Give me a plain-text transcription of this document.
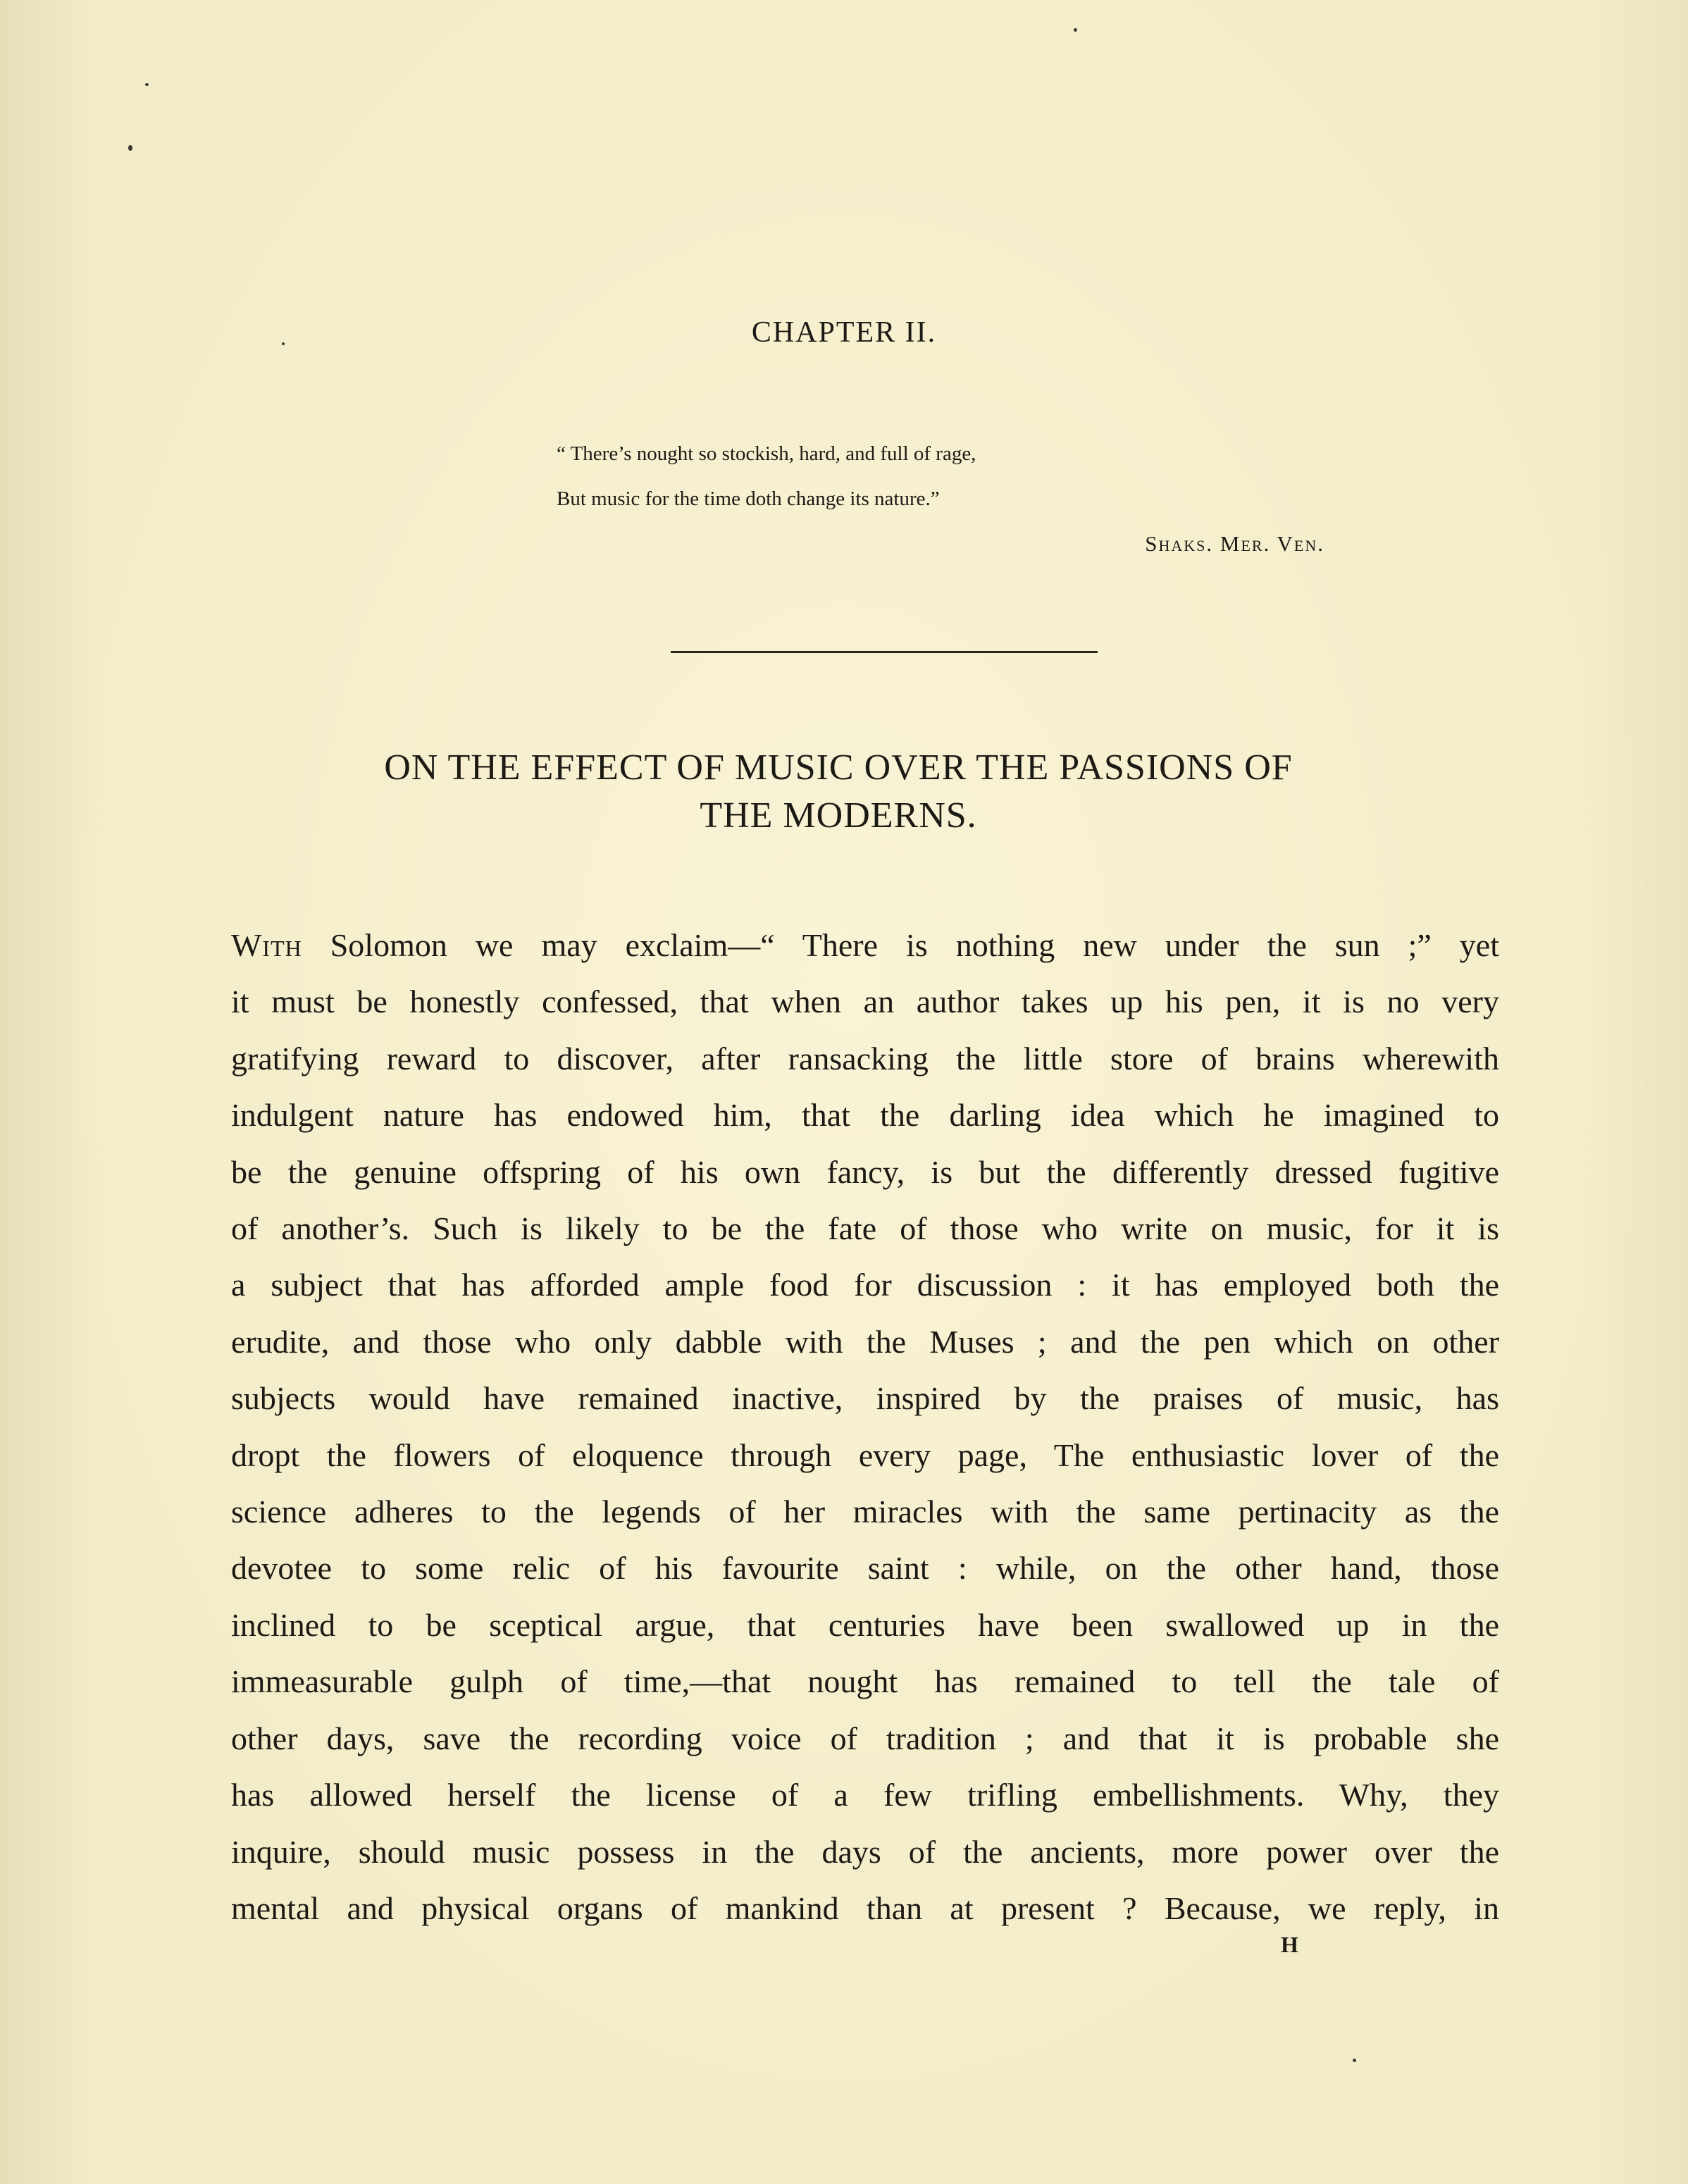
CHAPTER II.
“ There’s nought so stockish, hard, and full of rage,
But music for the time doth change its nature.”
Shaks. Mer. Ven.
ON THE EFFECT OF MUSIC OVER THE PASSIONS OF
THE MODERNS.
With Solomon we may exclaim—“ There is nothing new under the sun ;” yet
it must be honestly confessed, that when an author takes up his pen, it is no very
gratifying reward to discover, after ransacking the little store of brains wherewith
indulgent nature has endowed him, that the darling idea which he imagined to
be the genuine offspring of his own fancy, is but the differently dressed fugitive
of another’s. Such is likely to be the fate of those who write on music, for it is
a subject that has afforded ample food for discussion : it has employed both the
erudite, and those who only dabble with the Muses ; and the pen which on other
subjects would have remained inactive, inspired by the praises of music, has
dropt the flowers of eloquence through every page, The enthusiastic lover of the
science adheres to the legends of her miracles with the same pertinacity as the
devotee to some relic of his favourite saint : while, on the other hand, those
inclined to be sceptical argue, that centuries have been swallowed up in the
immeasurable gulph of time,—that nought has remained to tell the tale of
other days, save the recording voice of tradition ; and that it is probable she
has allowed herself the license of a few trifling embellishments. Why, they
inquire, should music possess in the days of the ancients, more power over the
mental and physical organs of mankind than at present ? Because, we reply, in
H
